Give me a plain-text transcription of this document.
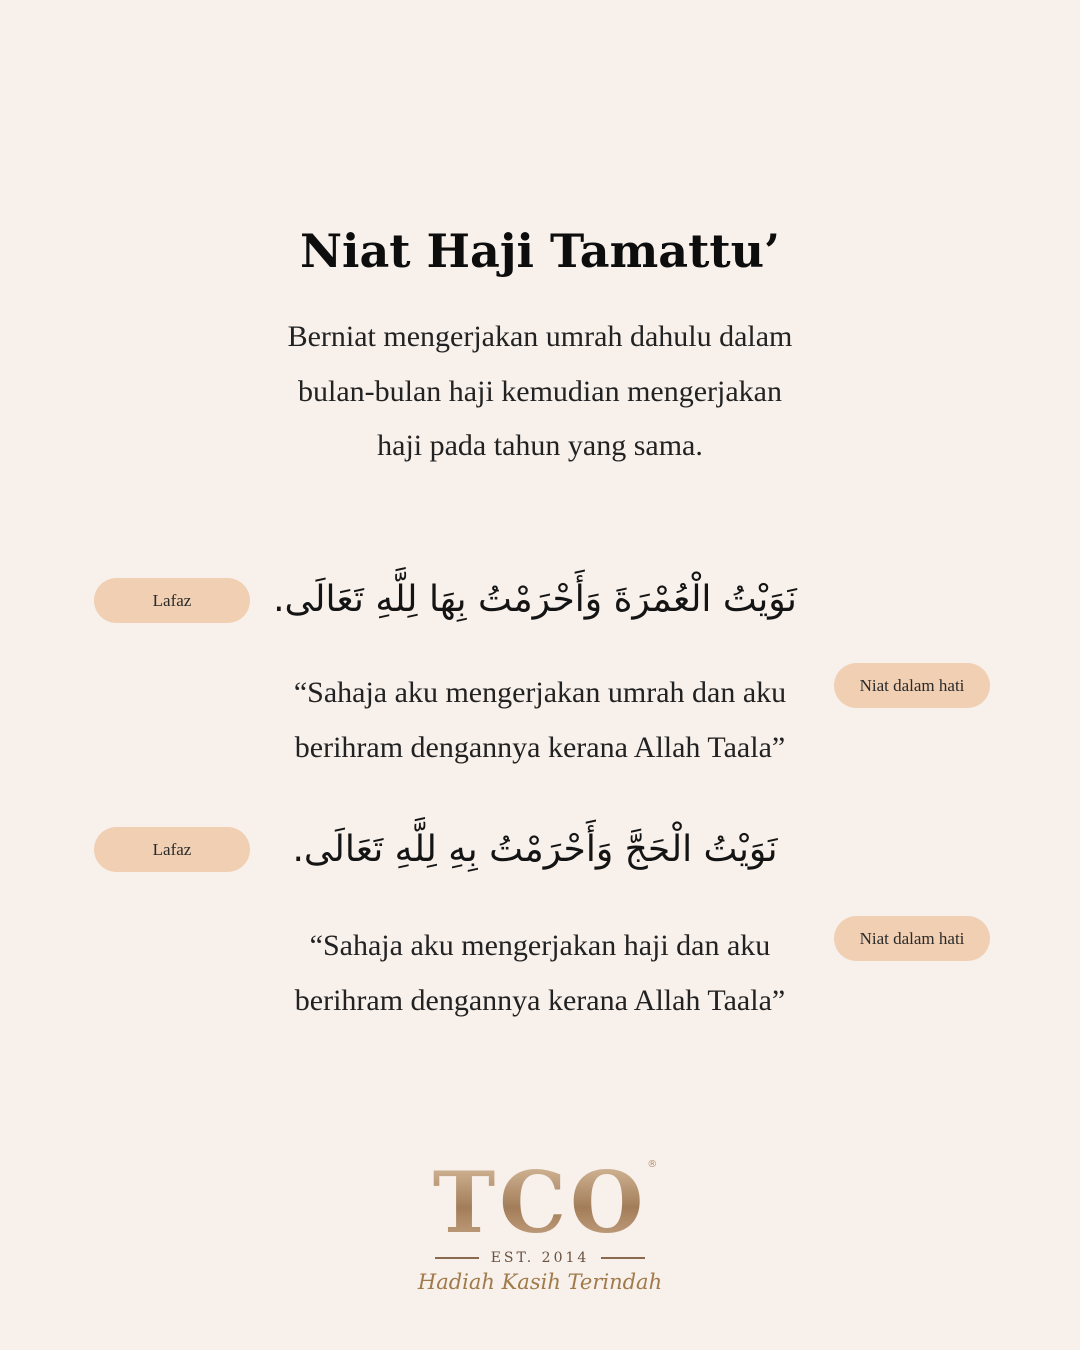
Niat Haji Tamattu’
Berniat mengerjakan umrah dahulu dalam
bulan-bulan haji kemudian mengerjakan
haji pada tahun yang sama.
Lafaz	نَوَيْتُ الْعُمْرَةَ وَأَحْرَمْتُ بِهَا لِلَّهِ تَعَالَى.
Niat dalam hati
“Sahaja aku mengerjakan umrah dan aku
berihram dengannya kerana Allah Taala”
Lafaz	نَوَيْتُ الْحَجَّ وَأَحْرَمْتُ بِهِ لِلَّهِ تَعَالَى.
Niat dalam hati
“Sahaja aku mengerjakan haji dan aku
berihram dengannya kerana Allah Taala”
TCO ®
EST. 2014
Hadiah Kasih Terindah
